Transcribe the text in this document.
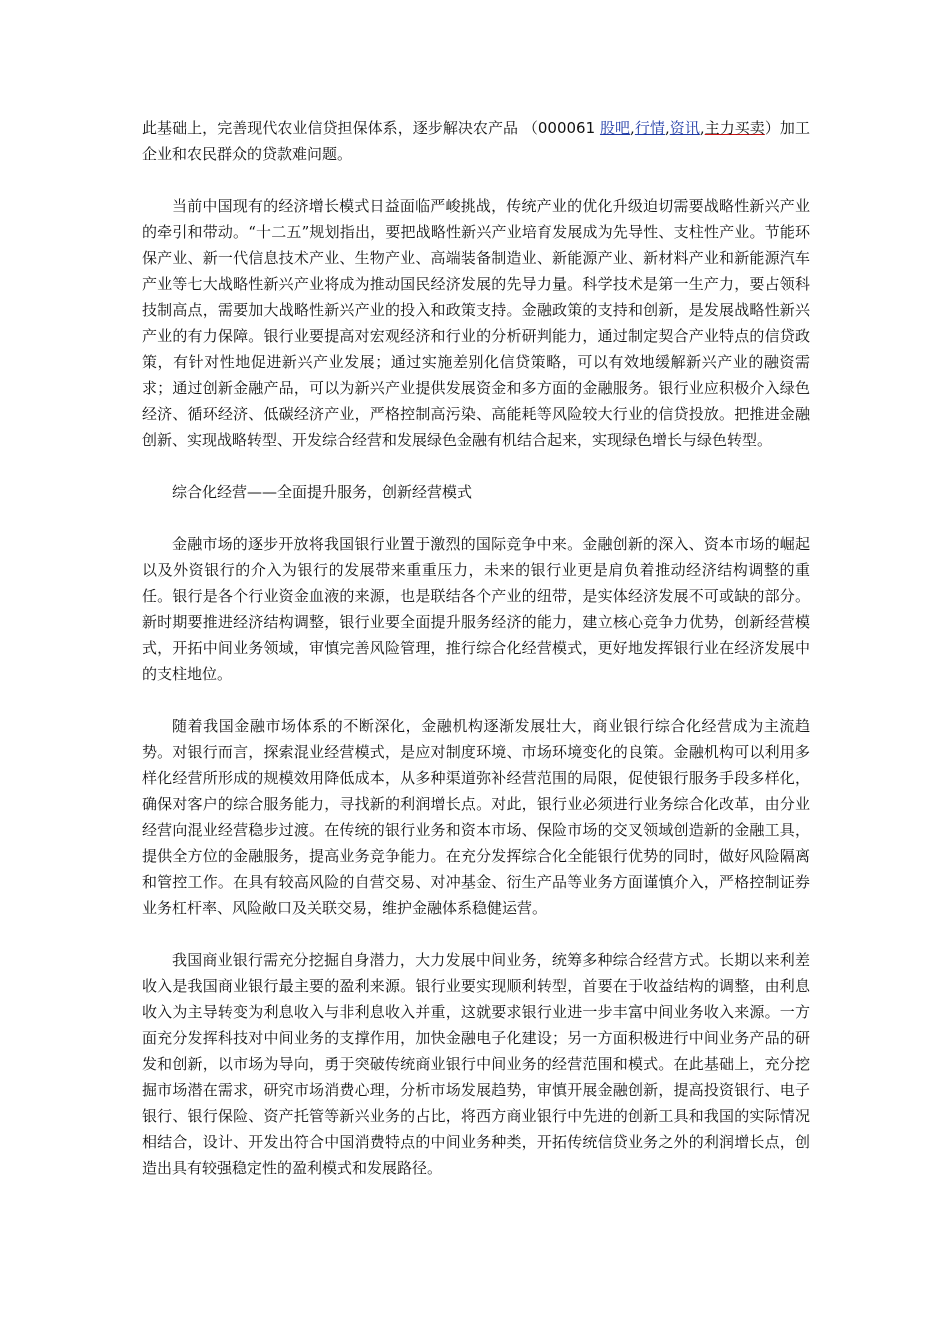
此基础上，完善现代农业信贷担保体系，逐步解决农产品 （000061 股吧,行情,资讯,主力买卖）加工企业和农民群众的贷款难问题。

当前中国现有的经济增长模式日益面临严峻挑战，传统产业的优化升级迫切需要战略性新兴产业的牵引和带动。“十二五”规划指出，要把战略性新兴产业培育发展成为先导性、支柱性产业。节能环保产业、新一代信息技术产业、生物产业、高端装备制造业、新能源产业、新材料产业和新能源汽车产业等七大战略性新兴产业将成为推动国民经济发展的先导力量。科学技术是第一生产力，要占领科技制高点，需要加大战略性新兴产业的投入和政策支持。金融政策的支持和创新，是发展战略性新兴产业的有力保障。银行业要提高对宏观经济和行业的分析研判能力，通过制定契合产业特点的信贷政策，有针对性地促进新兴产业发展；通过实施差别化信贷策略，可以有效地缓解新兴产业的融资需求；通过创新金融产品，可以为新兴产业提供发展资金和多方面的金融服务。银行业应积极介入绿色经济、循环经济、低碳经济产业，严格控制高污染、高能耗等风险较大行业的信贷投放。把推进金融创新、实现战略转型、开发综合经营和发展绿色金融有机结合起来，实现绿色增长与绿色转型。

综合化经营——全面提升服务，创新经营模式

金融市场的逐步开放将我国银行业置于激烈的国际竞争中来。金融创新的深入、资本市场的崛起以及外资银行的介入为银行的发展带来重重压力，未来的银行业更是肩负着推动经济结构调整的重任。银行是各个行业资金血液的来源，也是联结各个产业的纽带，是实体经济发展不可或缺的部分。新时期要推进经济结构调整，银行业要全面提升服务经济的能力，建立核心竞争力优势，创新经营模式，开拓中间业务领域，审慎完善风险管理，推行综合化经营模式，更好地发挥银行业在经济发展中的支柱地位。

随着我国金融市场体系的不断深化，金融机构逐渐发展壮大，商业银行综合化经营成为主流趋势。对银行而言，探索混业经营模式，是应对制度环境、市场环境变化的良策。金融机构可以利用多样化经营所形成的规模效用降低成本，从多种渠道弥补经营范围的局限，促使银行服务手段多样化，确保对客户的综合服务能力，寻找新的利润增长点。对此，银行业必须进行业务综合化改革，由分业经营向混业经营稳步过渡。在传统的银行业务和资本市场、保险市场的交叉领域创造新的金融工具，提供全方位的金融服务，提高业务竞争能力。在充分发挥综合化全能银行优势的同时，做好风险隔离和管控工作。在具有较高风险的自营交易、对冲基金、衍生产品等业务方面谨慎介入，严格控制证券业务杠杆率、风险敞口及关联交易，维护金融体系稳健运营。

我国商业银行需充分挖掘自身潜力，大力发展中间业务，统筹多种综合经营方式。长期以来利差收入是我国商业银行最主要的盈利来源。银行业要实现顺利转型，首要在于收益结构的调整，由利息收入为主导转变为利息收入与非利息收入并重，这就要求银行业进一步丰富中间业务收入来源。一方面充分发挥科技对中间业务的支撑作用，加快金融电子化建设；另一方面积极进行中间业务产品的研发和创新，以市场为导向，勇于突破传统商业银行中间业务的经营范围和模式。在此基础上，充分挖掘市场潜在需求，研究市场消费心理，分析市场发展趋势，审慎开展金融创新，提高投资银行、电子银行、银行保险、资产托管等新兴业务的占比，将西方商业银行中先进的创新工具和我国的实际情况相结合，设计、开发出符合中国消费特点的中间业务种类，开拓传统信贷业务之外的利润增长点，创造出具有较强稳定性的盈利模式和发展路径。
